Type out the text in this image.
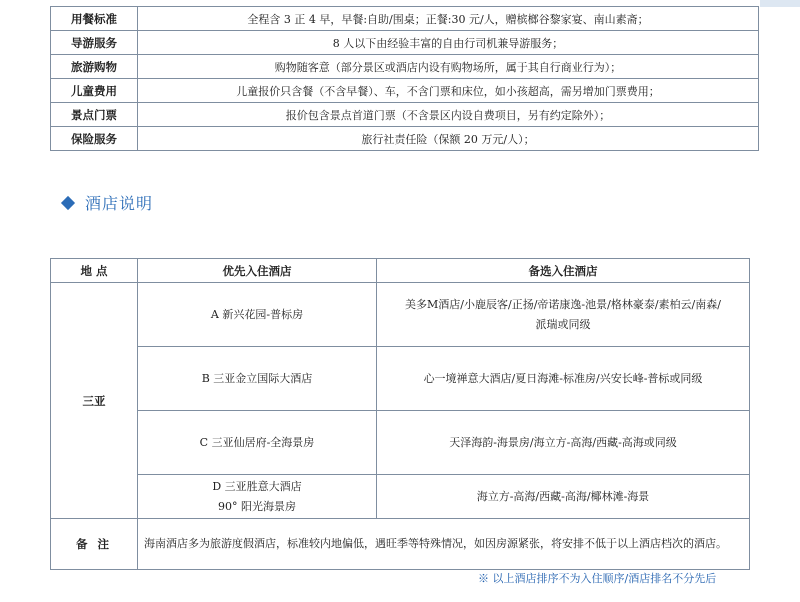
用餐标准	全程含 3 正 4 早，早餐:自助/围桌；正餐:30 元/人，赠槟榔谷黎家宴、南山素斋；
导游服务	8 人以下由经验丰富的自由行司机兼导游服务；
旅游购物	购物随客意（部分景区或酒店内设有购物场所，属于其自行商业行为）；
儿童费用	儿童报价只含餐（不含早餐）、车，不含门票和床位，如小孩超高，需另增加门票费用；
景点门票	报价包含景点首道门票（不含景区内设自费项目，另有约定除外）；
保险服务	旅行社责任险（保额 20 万元/人）；
酒店说明
地 点	优先入住酒店	备选入住酒店
三亚	A 新兴花园-普标房	美多M酒店/小鹿辰客/正扬/帝诺康逸-池景/格林豪泰/素柏云/南森/
派瑞或同级

	B 三亚金立国际大酒店	心一境禅意大酒店/夏日海滩-标准房/兴安长峰-普标或同级

	C 三亚仙居府-全海景房	天泽海韵-海景房/海立方-高海/西藏-高海或同级

	D 三亚胜意大酒店
90° 阳光海景房	海立方-高海/西藏-高海/椰林滩-海景

备 注	海南酒店多为旅游度假酒店，标准较内地偏低，遇旺季等特殊情况，如因房源紧张，将安排不低于以上酒店档次的酒店。	
※ 以上酒店排序不为入住顺序/酒店排名不分先后
